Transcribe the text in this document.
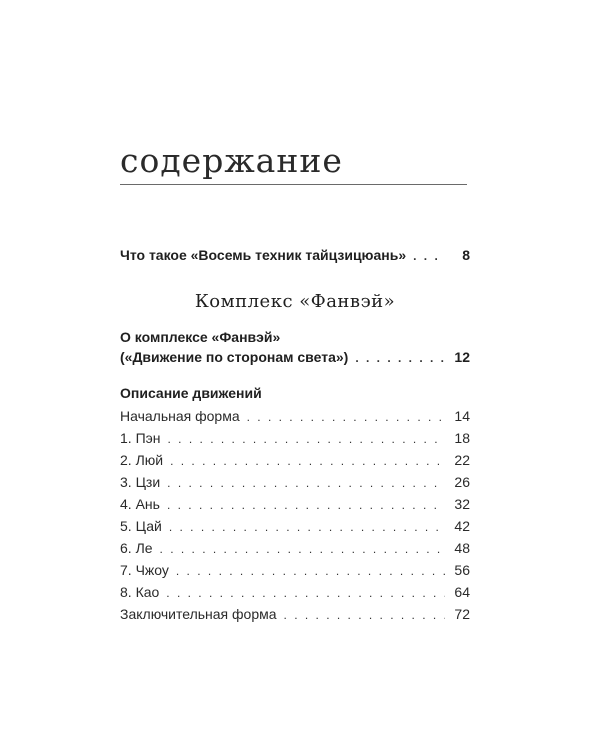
содержание
Что такое «Восемь техник тайцзицюань» . . .	8
Комплекс «Фанвэй»
О комплексе «Фанвэй»
(«Движение по сторонам света») . . .	12
Описание движений
Начальная форма . . .	14
1. Пэн . . .	18
2. Люй . . .	22
3. Цзи . . .	26
4. Ань . . .	32
5. Цай . . .	42
6. Ле . . .	48
7. Чжоу . . .	56
8. Као . . .	64
Заключительная форма . . .	72
